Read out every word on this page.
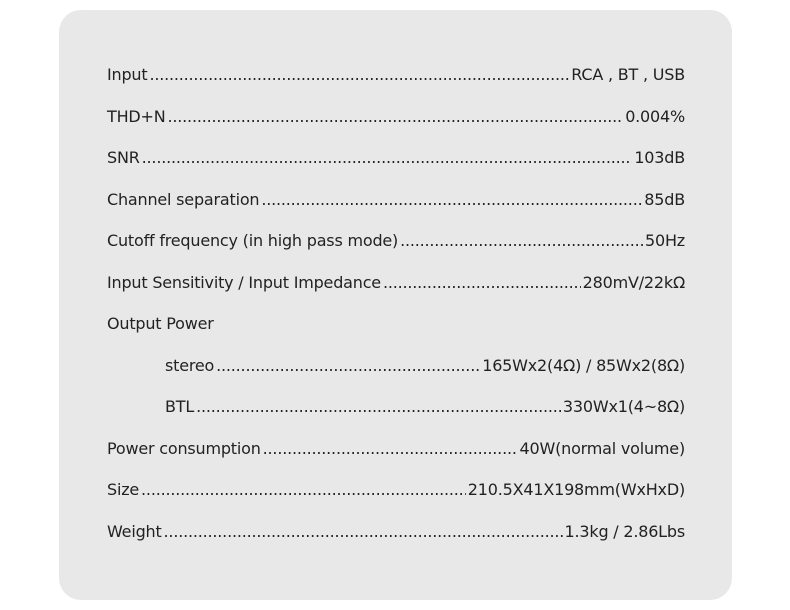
Input .....	RCA , BT , USB
THD+N .....	0.004%
SNR .....	103dB
Channel separation .....	85dB
Cutoff frequency (in high pass mode) .....	50Hz
Input Sensitivity / Input Impedance .....	280mV/22kΩ
Output Power
stereo .....	165Wx2(4Ω) / 85Wx2(8Ω)
BTL .....	330Wx1(4~8Ω)
Power consumption .....	40W(normal volume)
Size .....	210.5X41X198mm(WxHxD)
Weight .....	1.3kg / 2.86Lbs
